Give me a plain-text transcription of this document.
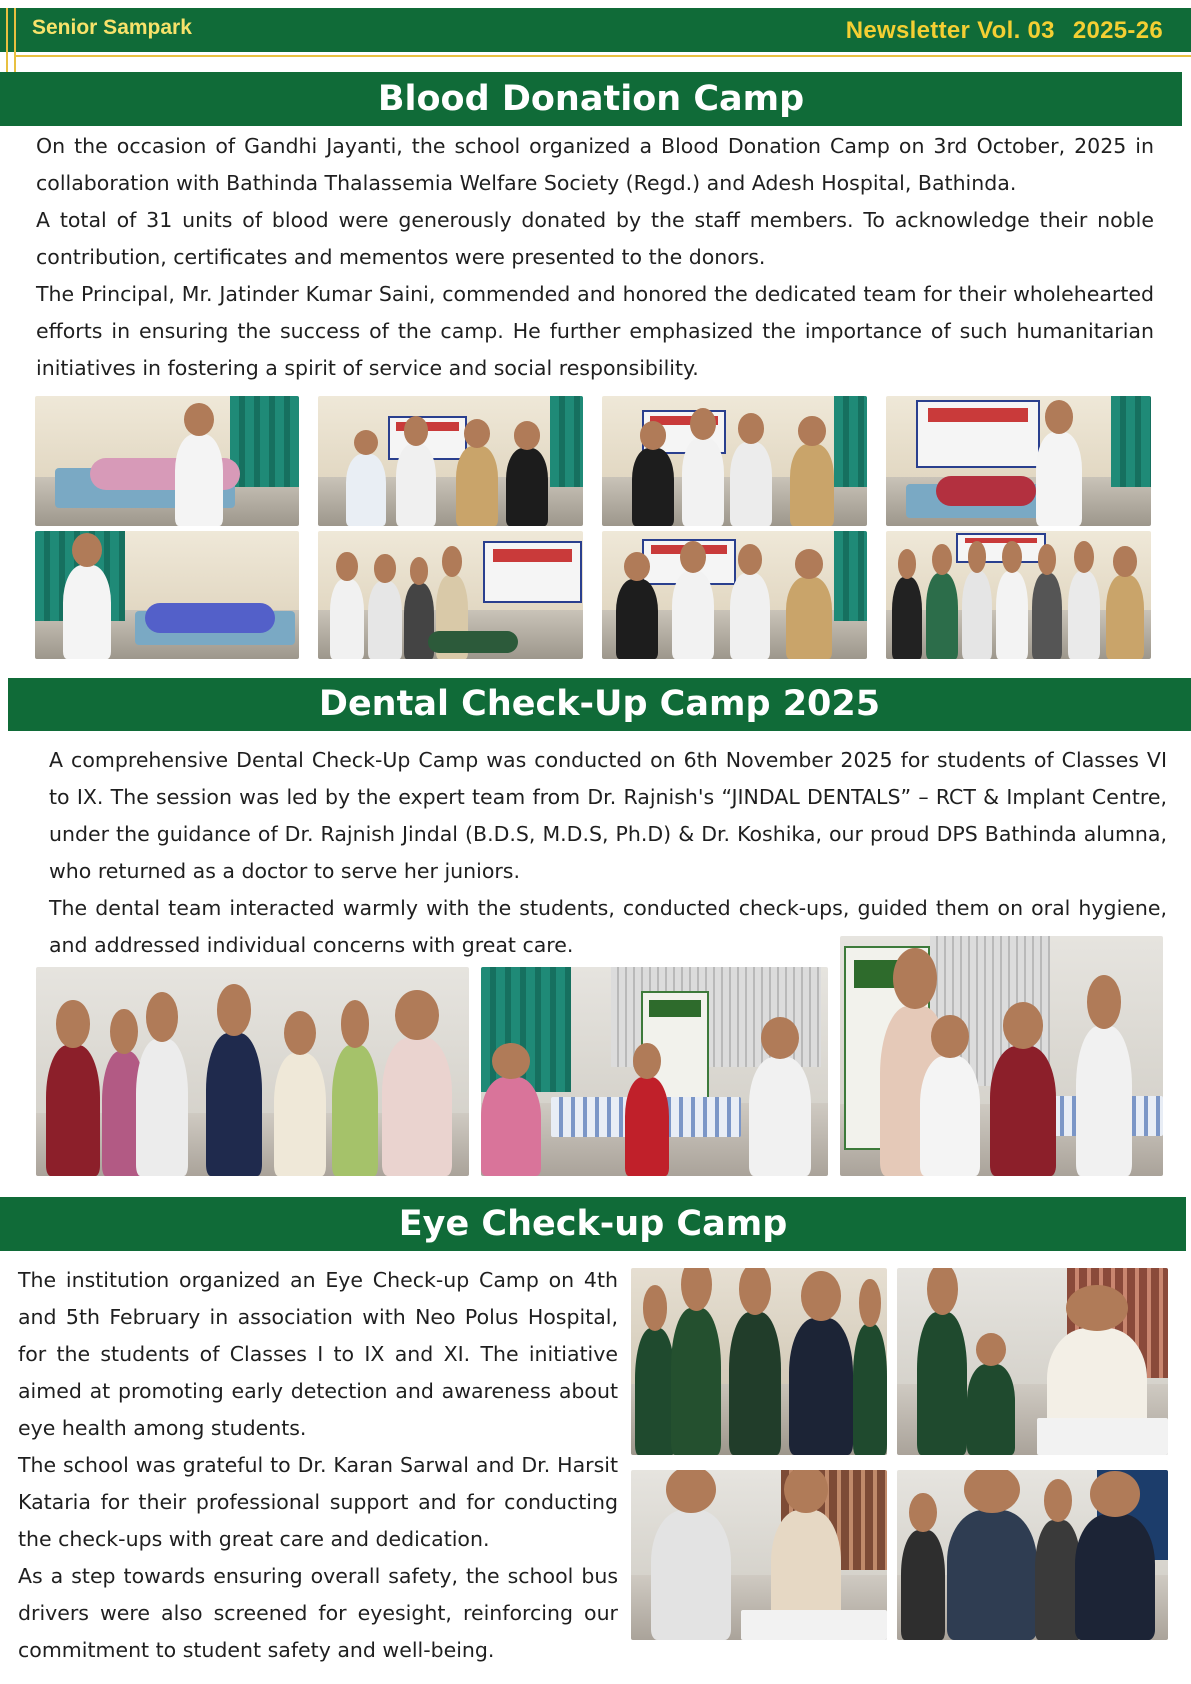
Senior Sampark	Newsletter Vol. 03 2025-26
Blood Donation Camp

On the occasion of Gandhi Jayanti, the school organized a Blood Donation Camp on 3rd October, 2025 in collaboration with Bathinda Thalassemia Welfare Society (Regd.) and Adesh Hospital, Bathinda.

A total of 31 units of blood were generously donated by the staff members. To acknowledge their noble contribution, certificates and mementos were presented to the donors.

The Principal, Mr. Jatinder Kumar Saini, commended and honored the dedicated team for their wholehearted efforts in ensuring the success of the camp. He further emphasized the importance of such humanitarian initiatives in fostering a spirit of service and social responsibility.

Dental Check-Up Camp 2025

A comprehensive Dental Check-Up Camp was conducted on 6th November 2025 for students of Classes VI to IX. The session was led by the expert team from Dr. Rajnish's “JINDAL DENTALS” – RCT & Implant Centre, under the guidance of Dr. Rajnish Jindal (B.D.S, M.D.S, Ph.D) & Dr. Koshika, our proud DPS Bathinda alumna, who returned as a doctor to serve her juniors.

The dental team interacted warmly with the students, conducted check-ups, guided them on oral hygiene, and addressed individual concerns with great care.

Eye Check-up Camp

The institution organized an Eye Check-up Camp on 4th and 5th February in association with Neo Polus Hospital, for the students of Classes I to IX and XI. The initiative aimed at promoting early detection and awareness about eye health among students.

The school was grateful to Dr. Karan Sarwal and Dr. Harsit Kataria for their professional support and for conducting the check-ups with great care and dedication.

As a step towards ensuring overall safety, the school bus drivers were also screened for eyesight, reinforcing our commitment to student safety and well-being.
